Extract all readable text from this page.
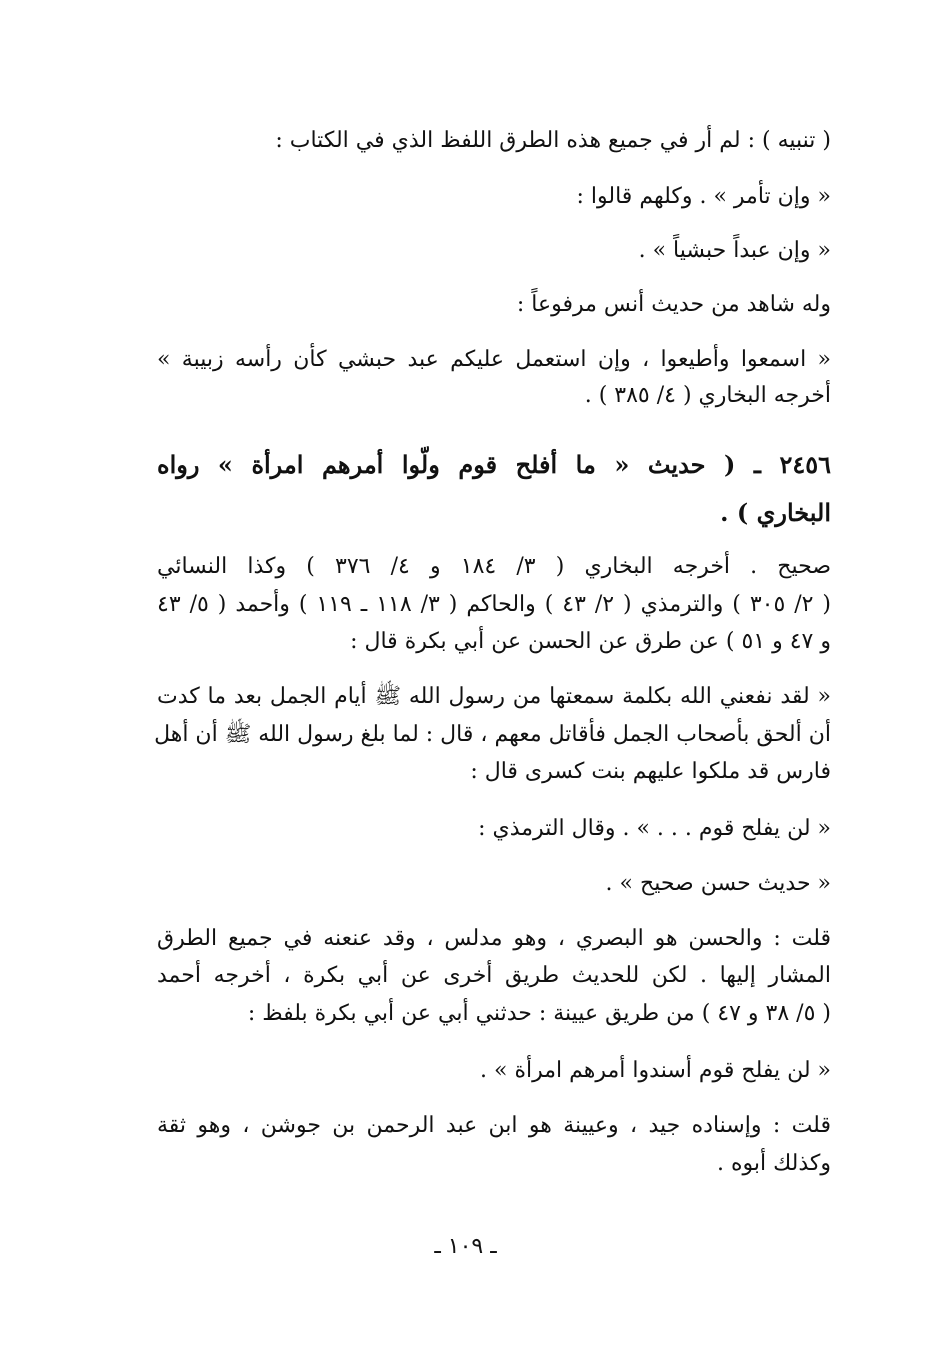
( تنبيه ) : لم أر في جميع هذه الطرق اللفظ الذي في الكتاب :
« وإن تأمر » . وكلهم قالوا :
« وإن عبداً حبشياً » .
وله شاهد من حديث أنس مرفوعاً :
« اسمعوا وأطيعوا ، وإن استعمل عليكم عبد حبشي كأن رأسه زبيبة »
أخرجه البخاري ( ٤/ ٣٨٥ ) .
٢٤٥٦ ـ ( حديث « ما أفلح قوم ولّوا أمرهم امرأة » رواه
البخاري ) .
صحيح . أخرجه البخاري ( ٣/ ١٨٤ و ٤/ ٣٧٦ ) وكذا النسائي
( ٢/ ٣٠٥ ) والترمذي ( ٢/ ٤٣ ) والحاكم ( ٣/ ١١٨ ـ ١١٩ ) وأحمد ( ٥/ ٤٣
و ٤٧ و ٥١ ) عن طرق عن الحسن عن أبي بكرة قال :
« لقد نفعني الله بكلمة سمعتها من رسول الله ﷺ أيام الجمل بعد ما كدت
أن ألحق بأصحاب الجمل فأقاتل معهم ، قال : لما بلغ رسول الله ﷺ أن أهل
فارس قد ملكوا عليهم بنت كسرى قال :
« لن يفلح قوم . . . » . وقال الترمذي :
« حديث حسن صحيح » .
قلت : والحسن هو البصري ، وهو مدلس ، وقد عنعنه في جميع الطرق
المشار إليها . لكن للحديث طريق أخرى عن أبي بكرة ، أخرجه أحمد
( ٥/ ٣٨ و ٤٧ ) من طريق عيينة : حدثني أبي عن أبي بكرة بلفظ :
« لن يفلح قوم أسندوا أمرهم امرأة » .
قلت : وإسناده جيد ، وعيينة هو ابن عبد الرحمن بن جوشن ، وهو ثقة
وكذلك أبوه .
ـ ١٠٩ ـ
